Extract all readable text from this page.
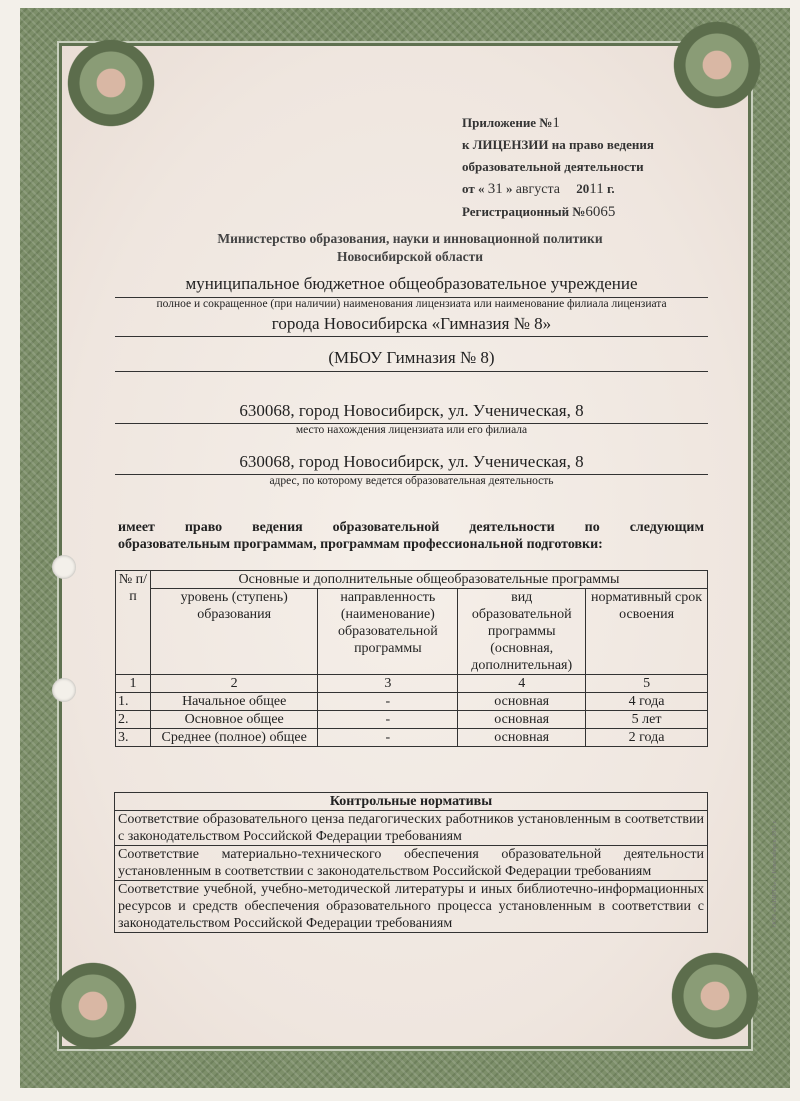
Приложение №1
к ЛИЦЕНЗИИ на право ведения
образовательной деятельности
от « 31 » августа 2011 г.
Регистрационный №6065
Министерство образования, науки и инновационной политики
Новосибирской области
муниципальное бюджетное общеобразовательное учреждение
полное и сокращенное (при наличии) наименования лицензиата или наименование филиала лицензиата
города Новосибирска «Гимназия № 8»
(МБОУ Гимназия № 8)
630068, город Новосибирск, ул. Ученическая, 8
место нахождения лицензиата или его филиала
630068, город Новосибирск, ул. Ученическая, 8
адрес, по которому ведется образовательная деятельность
имеет право ведения образовательной деятельности по следующим
образовательным программам, программам профессиональной подготовки:
№ п/п	Основные и дополнительные общеобразовательные программы			
	уровень (ступень) образования	направленность (наименование) образовательной программы	вид образовательной программы (основная, дополнительная)	нормативный срок освоения
1	2	3	4	5
1.	Начальное общее	-	основная	4 года
2.	Основное общее	-	основная	5 лет
3.	Среднее (полное) общее	-	основная	2 года
Контрольные нормативы
Соответствие образовательного ценза педагогических работников установленным в соответствии с законодательством Российской Федерации требованиям
Соответствие материально-технического обеспечения образовательной деятельности установленным в соответствии с законодательством Российской Федерации требованиям
Соответствие учебной, учебно-методической литературы и иных библиотечно-информационных ресурсов и средств обеспечения образовательного процесса установленным в соответствии с законодательством Российской Федерации требованиям	ООО «ЗАЩИТА», г. Новосибирск, 2011 г.
